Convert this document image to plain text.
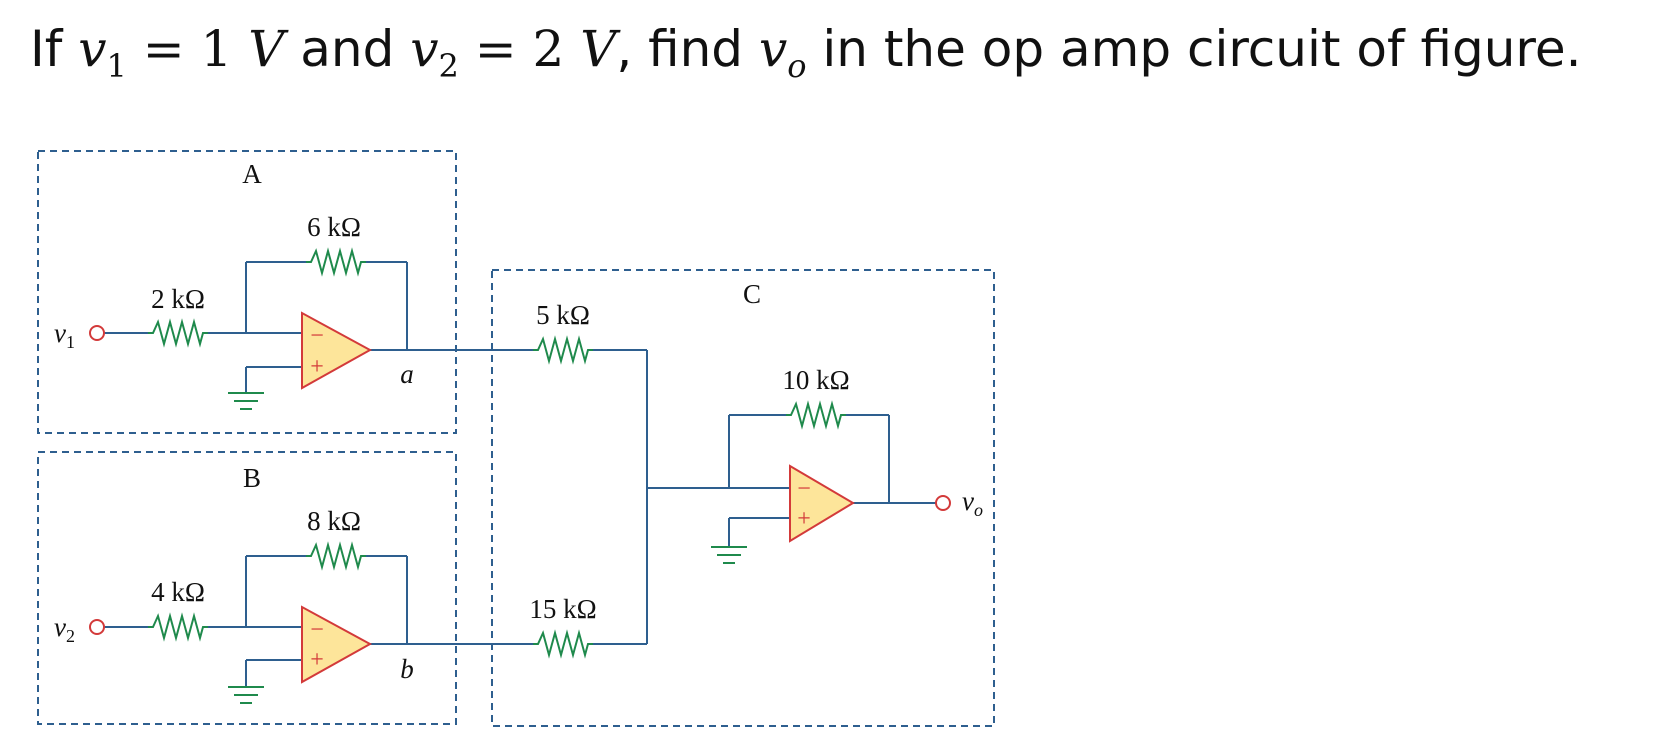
If $v_1 = 1$ V and $v_2 = 2$ V, find $v_o$ in the op amp circuit of figure.
A
B
C
−
+
2 kΩ
6 kΩ
a
$v_1$
−
+
4 kΩ
8 kΩ
b
$v_2$
−
+
5 kΩ
15 kΩ
10 kΩ
$v_o$
